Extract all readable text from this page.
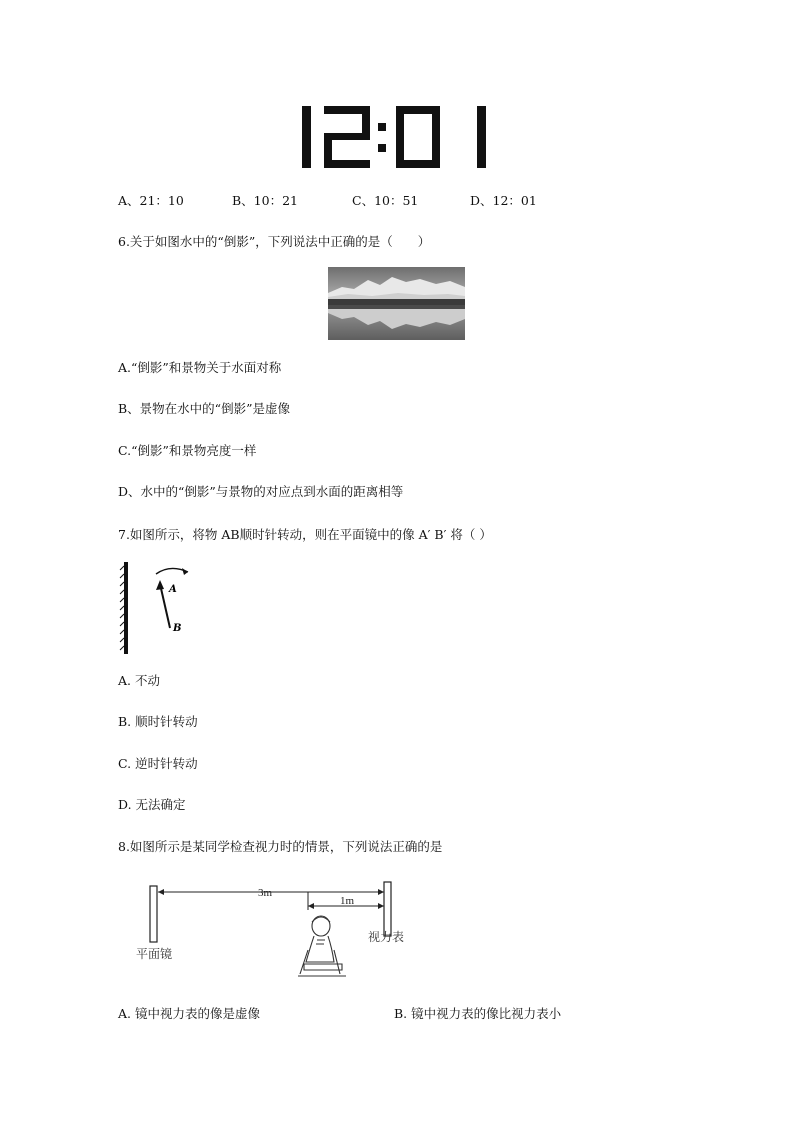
A、21：10	B、10：21	C、10：51	D、12：01
6.关于如图水中的“倒影”，下列说法中正确的是（　　）
A.“倒影”和景物关于水面对称
B、景物在水中的“倒影”是虚像
C.“倒影”和景物亮度一样
D、水中的“倒影”与景物的对应点到水面的距离相等
7.如图所示，将物 AB顺时针转动，则在平面镜中的像 A′ B′ 将（ ）
A
B
A. 不动
B. 顺时针转动
C. 逆时针转动
D. 无法确定
8.如图所示是某同学检查视力时的情景，下列说法正确的是
3m
1m
平面镜
视力表
A. 镜中视力表的像是虚像	B. 镜中视力表的像比视力表小
